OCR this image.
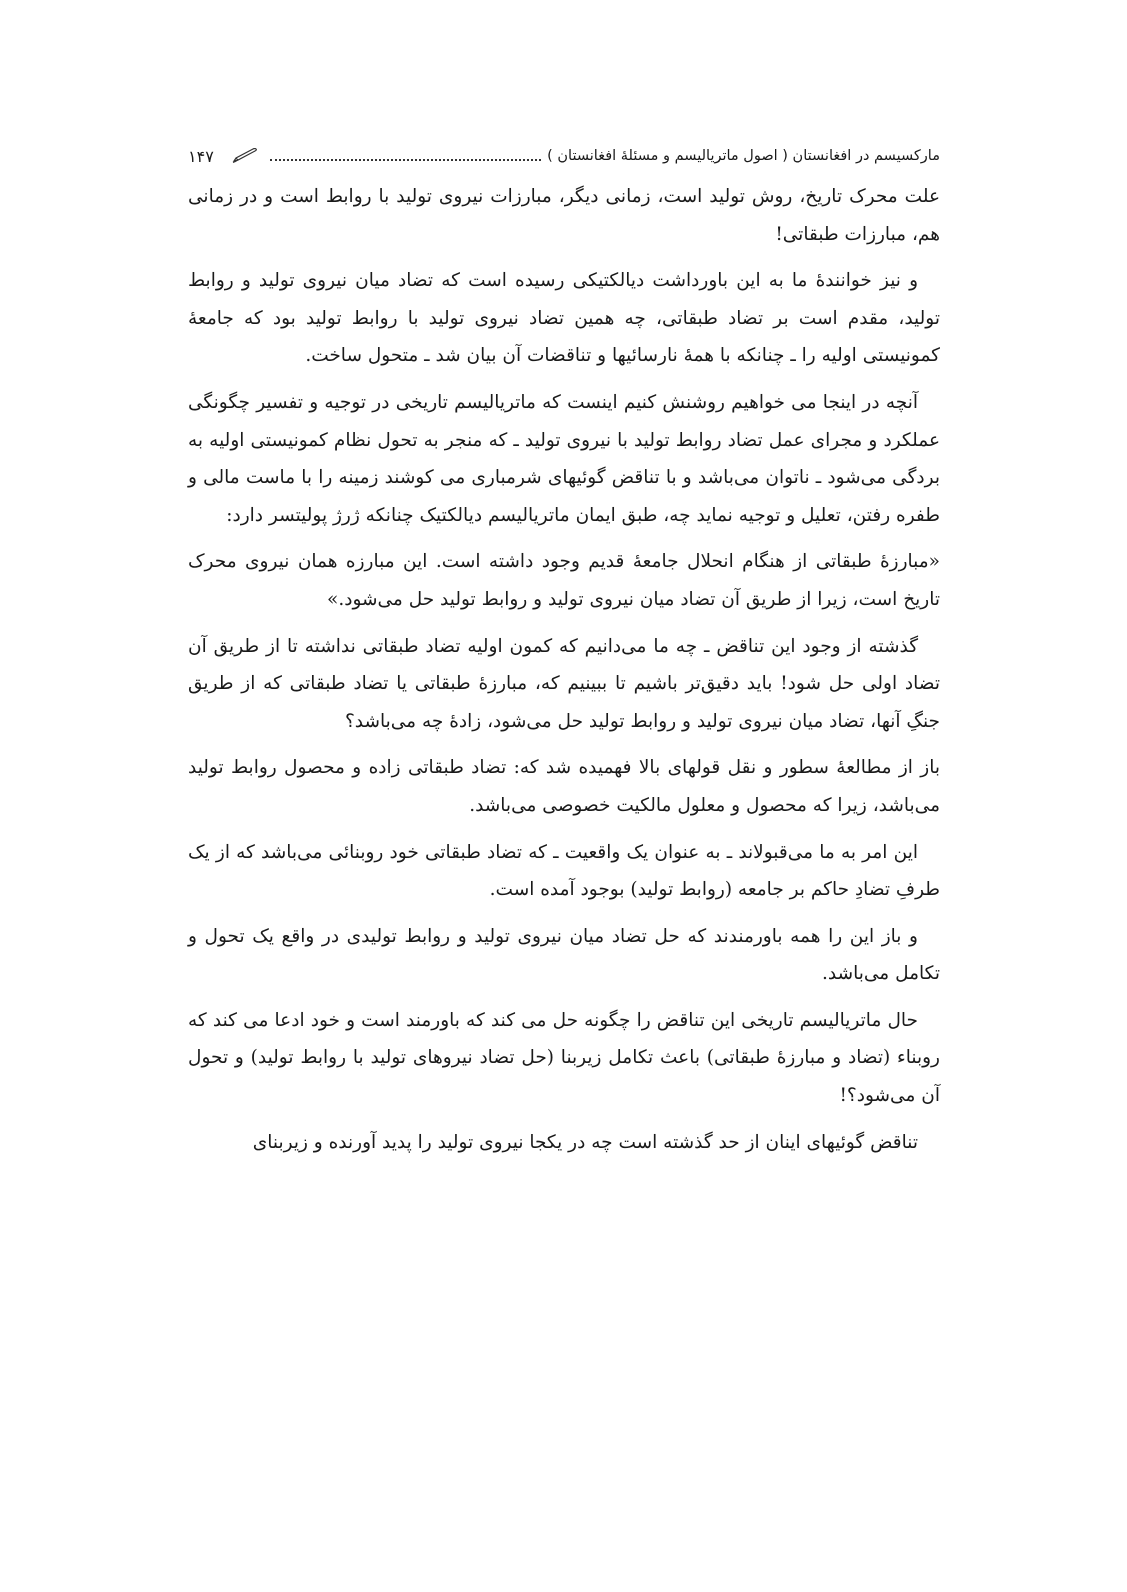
مارکسیسم در افغانستان ( اصول ماتریالیسم و مسئلهٔ افغانستان )
۱۴۷

علت محرک تاریخ، روش تولید است، زمانی دیگر، مبارزات نیروی تولید با روابط است و در زمانی هم، مبارزات طبقاتی!

و نیز خوانندهٔ ما به این باورداشت دیالکتیکی رسیده است که تضاد میان نیروی تولید و روابط تولید، مقدم است بر تضاد طبقاتی، چه همین تضاد نیروی تولید با روابط تولید بود که جامعهٔ کمونیستی اولیه را ـ چنانکه با همهٔ نارسائیها و تناقضات آن بیان شد ـ متحول ساخت.

آنچه در اینجا می خواهیم روشنش کنیم اینست که ماتریالیسم تاریخی در توجیه و تفسیر چگونگی عملکرد و مجرای عمل تضاد روابط تولید با نیروی تولید ـ که منجر به تحول نظام کمونیستی اولیه به بردگی می‌شود ـ ناتوان می‌باشد و با تناقض گوئیهای شرمباری می کوشند زمینه را با ماست مالی و طفره رفتن، تعلیل و توجیه نماید چه، طبق ایمان ماتریالیسم دیالکتیک چنانکه ژرژ پولیتسر دارد:

«مبارزهٔ طبقاتی از هنگام انحلال جامعهٔ قدیم وجود داشته است. این مبارزه همان نیروی محرک تاریخ است، زیرا از طریق آن تضاد میان نیروی تولید و روابط تولید حل می‌شود.»

گذشته از وجود این تناقض ـ چه ما می‌دانیم که کمون اولیه تضاد طبقاتی نداشته تا از طریق آن تضاد اولی حل شود! باید دقیق‌تر باشیم تا ببینیم که، مبارزهٔ طبقاتی یا تضاد طبقاتی که از طریق جنگِ آنها، تضاد میان نیروی تولید و روابط تولید حل می‌شود، زادهٔ چه می‌باشد؟

باز از مطالعهٔ سطور و نقل قولهای بالا فهمیده شد که: تضاد طبقاتی زاده و محصول روابط تولید می‌باشد، زیرا که محصول و معلول مالکیت خصوصی می‌باشد.

این امر به ما می‌قبولاند ـ به عنوان یک واقعیت ـ که تضاد طبقاتی خود روبنائی می‌باشد که از یک طرفِ تضادِ حاکم بر جامعه (روابط تولید) بوجود آمده است.

و باز این را همه باورمندند که حل تضاد میان نیروی تولید و روابط تولیدی در واقع یک تحول و تکامل می‌باشد.

حال ماتریالیسم تاریخی این تناقض را چگونه حل می کند که باورمند است و خود ادعا می کند که روبناء (تضاد و مبارزهٔ طبقاتی) باعث تکامل زیربنا (حل تضاد نیروهای تولید با روابط تولید) و تحول آن می‌شود؟!

تناقض گوئیهای اینان از حد گذشته است چه در یکجا نیروی تولید را پدید آورنده و زیربنای
